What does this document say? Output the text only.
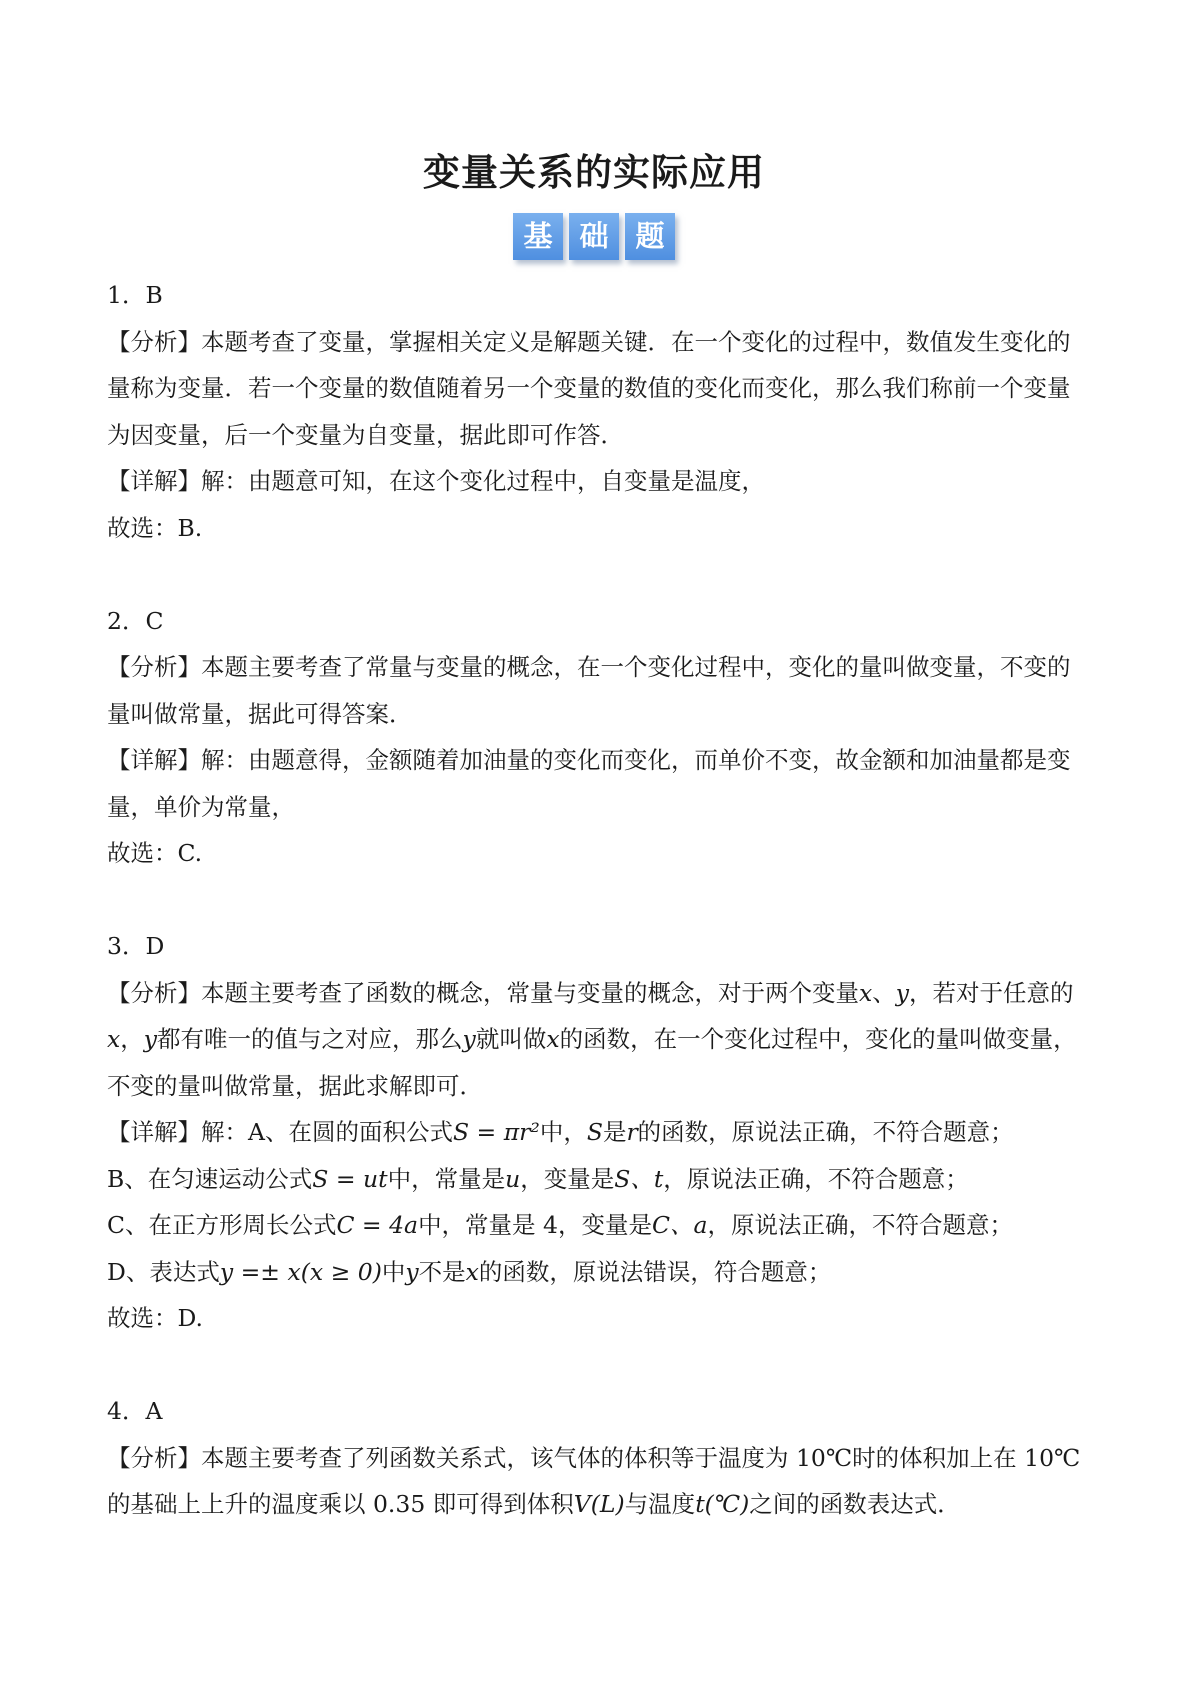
变量关系的实际应用
基 础 题

1．B

【分析】本题考查了变量，掌握相关定义是解题关键．在一个变化的过程中，数值发生变化的量称为变量．若一个变量的数值随着另一个变量的数值的变化而变化，那么我们称前一个变量为因变量，后一个变量为自变量，据此即可作答．

【详解】解：由题意可知，在这个变化过程中，自变量是温度，

故选：B.

2．C

【分析】本题主要考查了常量与变量的概念，在一个变化过程中，变化的量叫做变量，不变的量叫做常量，据此可得答案．

【详解】解：由题意得，金额随着加油量的变化而变化，而单价不变，故金额和加油量都是变量，单价为常量，

故选：C.

3．D

【分析】本题主要考查了函数的概念，常量与变量的概念，对于两个变量x、y，若对于任意的x，y都有唯一的值与之对应，那么y就叫做x的函数，在一个变化过程中，变化的量叫做变量，不变的量叫做常量，据此求解即可．

【详解】解：A、在圆的面积公式S = πr²中，S是r的函数，原说法正确，不符合题意；

B、在匀速运动公式S = ut中，常量是u，变量是S、t，原说法正确，不符合题意；

C、在正方形周长公式C = 4a中，常量是 4，变量是C、a，原说法正确，不符合题意；

D、表达式y =± x(x ≥ 0)中y不是x的函数，原说法错误，符合题意；

故选：D.

4．A

【分析】本题主要考查了列函数关系式，该气体的体积等于温度为 10℃时的体积加上在 10℃的基础上上升的温度乘以 0.35 即可得到体积V(L)与温度t(℃)之间的函数表达式．
